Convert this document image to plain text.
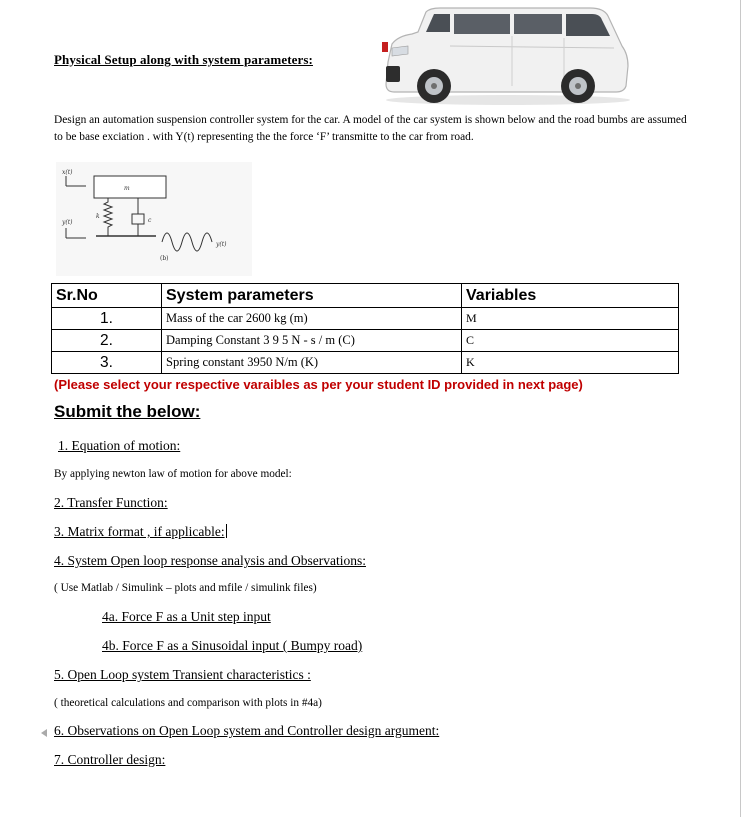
Physical Setup along with system parameters:
Design an automation suspension controller system for the car. A model of the car system is shown below and the road bumbs are assumed to be base exciation . with Y(t) representing the the force ‘F’ transmitte to the car from road.
x(t)
m
k
c
y(t)
y(t)
(b)
Sr.No	System parameters	Variables
1.	Mass of the car 2600 kg (m)	M
2.	Damping Constant 3 9 5 N - s / m (C)	C
3.	Spring constant 3950 N/m (K)	K
(Please select your respective varaibles as per your student ID provided in next page)
Submit the below:
1. Equation of motion:
By applying newton law of motion for above model:
2. Transfer Function:
3. Matrix format , if applicable:
4. System Open loop response analysis and Observations:
( Use Matlab / Simulink – plots and mfile / simulink files)
4a. Force F as a Unit step input
4b. Force F as a Sinusoidal input ( Bumpy road)
5. Open Loop system Transient characteristics :
( theoretical calculations and comparison with plots in #4a)
6. Observations on Open Loop system and Controller design argument:
7. Controller design:
